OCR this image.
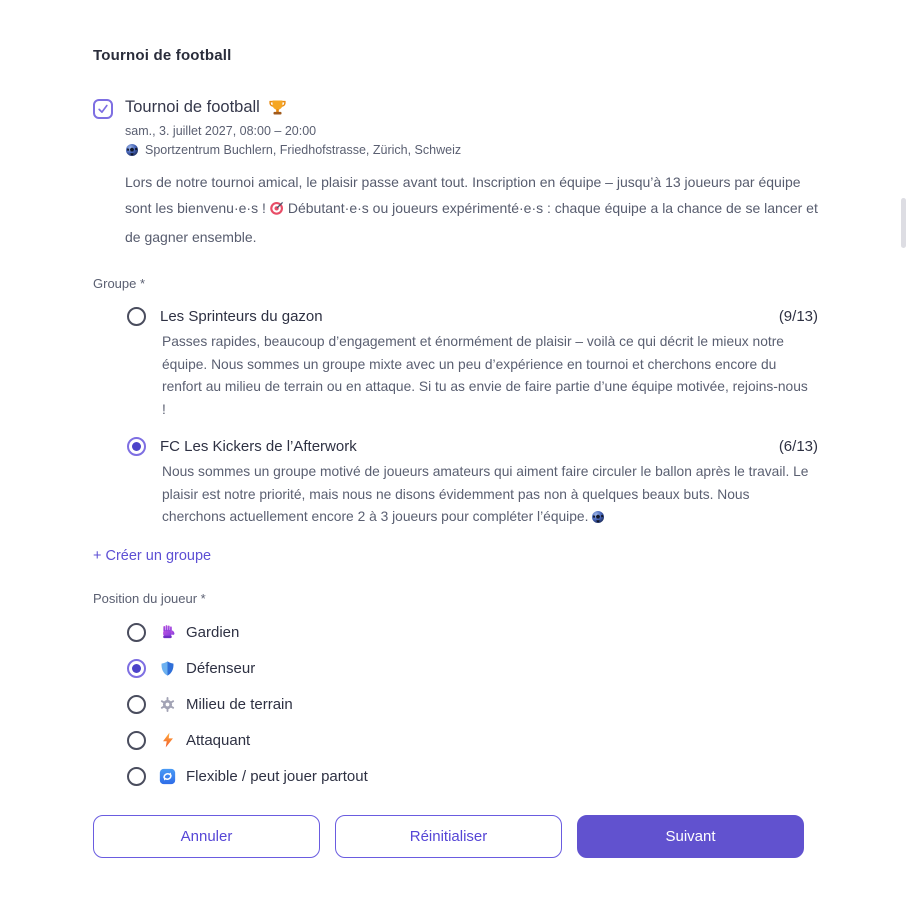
Tournoi de football
Tournoi de football
sam., 3. juillet 2027, 08:00 – 20:00
Sportzentrum Buchlern, Friedhofstrasse, Zürich, Schweiz

Lors de notre tournoi amical, le plaisir passe avant tout. Inscription en équipe – jusqu’à 13 joueurs par équipe sont les bienvenu·e·s ! Débutant·e·s ou joueurs expérimenté·e·s : chaque équipe a la chance de se lancer et de gagner ensemble.

Groupe *
Les Sprinteurs du gazon	(9/13)
Passes rapides, beaucoup d’engagement et énormément de plaisir – voilà ce qui décrit le mieux notre équipe. Nous sommes un groupe mixte avec un peu d’expérience en tournoi et cherchons encore du renfort au milieu de terrain ou en attaque. Si tu as envie de faire partie d’une équipe motivée, rejoins-nous !
FC Les Kickers de l’Afterwork	(6/13)
Nous sommes un groupe motivé de joueurs amateurs qui aiment faire circuler le ballon après le travail. Le plaisir est notre priorité, mais nous ne disons évidemment pas non à quelques beaux buts. Nous cherchons actuellement encore 2 à 3 joueurs pour compléter l’équipe.
+ Créer un groupe
Position du joueur *
Gardien
Défenseur
Milieu de terrain
Attaquant
Flexible / peut jouer partout
Annuler	Réinitialiser	Suivant
